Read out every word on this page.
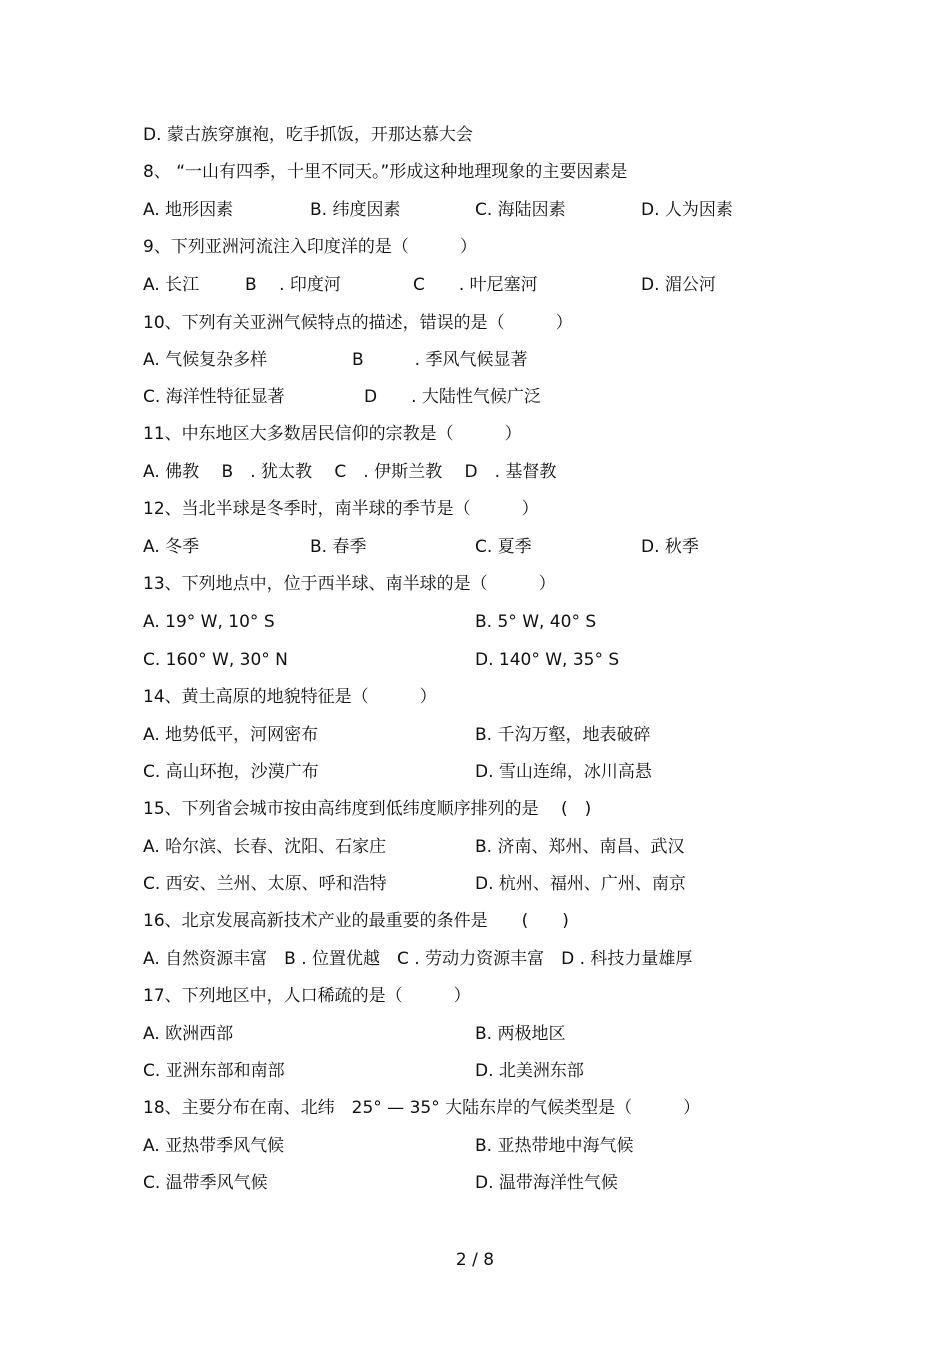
D. 蒙古族穿旗袍，吃手抓饭，开那达慕大会
8、 “一山有四季，十里不同天。”形成这种地理现象的主要因素是
A. 地形因素	B. 纬度因素	C. 海陆因素	D. 人为因素
9、下列亚洲河流注入印度洋的是（　　　）
A. 长江	B　 . 印度河	C　　. 叶尼塞河	D. 湄公河
10、下列有关亚洲气候特点的描述，错误的是（　　　）
A. 气候复杂多样	B　　　. 季风气候显著
C. 海洋性特征显著	D　　. 大陆性气候广泛
11、中东地区大多数居民信仰的宗教是（　　　）
A. 佛教　 B　. 犹太教　 C　. 伊斯兰教　 D　. 基督教
12、当北半球是冬季时，南半球的季节是（　　　）
A. 冬季	B. 春季	C. 夏季	D. 秋季
13、下列地点中，位于西半球、南半球的是（　　　）
A. 19° W, 10° S	B. 5° W, 40° S
C. 160° W, 30° N	D. 140° W, 35° S
14、黄土高原的地貌特征是（　　　）
A. 地势低平，河网密布	B. 千沟万壑，地表破碎
C. 高山环抱，沙漠广布	D. 雪山连绵，冰川高悬
15、下列省会城市按由高纬度到低纬度顺序排列的是　 (　)
A. 哈尔滨、长春、沈阳、石家庄	B. 济南、郑州、南昌、武汉
C. 西安、兰州、太原、呼和浩特	D. 杭州、福州、广州、南京
16、北京发展高新技术产业的最重要的条件是　　(　　)
A. 自然资源丰富　B . 位置优越　C . 劳动力资源丰富　D . 科技力量雄厚
17、下列地区中，人口稀疏的是（　　　）
A. 欧洲西部	B. 两极地区
C. 亚洲东部和南部	D. 北美洲东部
18、主要分布在南、北纬　25° — 35° 大陆东岸的气候类型是（　　　）
A. 亚热带季风气候	B. 亚热带地中海气候
C. 温带季风气候	D. 温带海洋性气候
2 / 8
